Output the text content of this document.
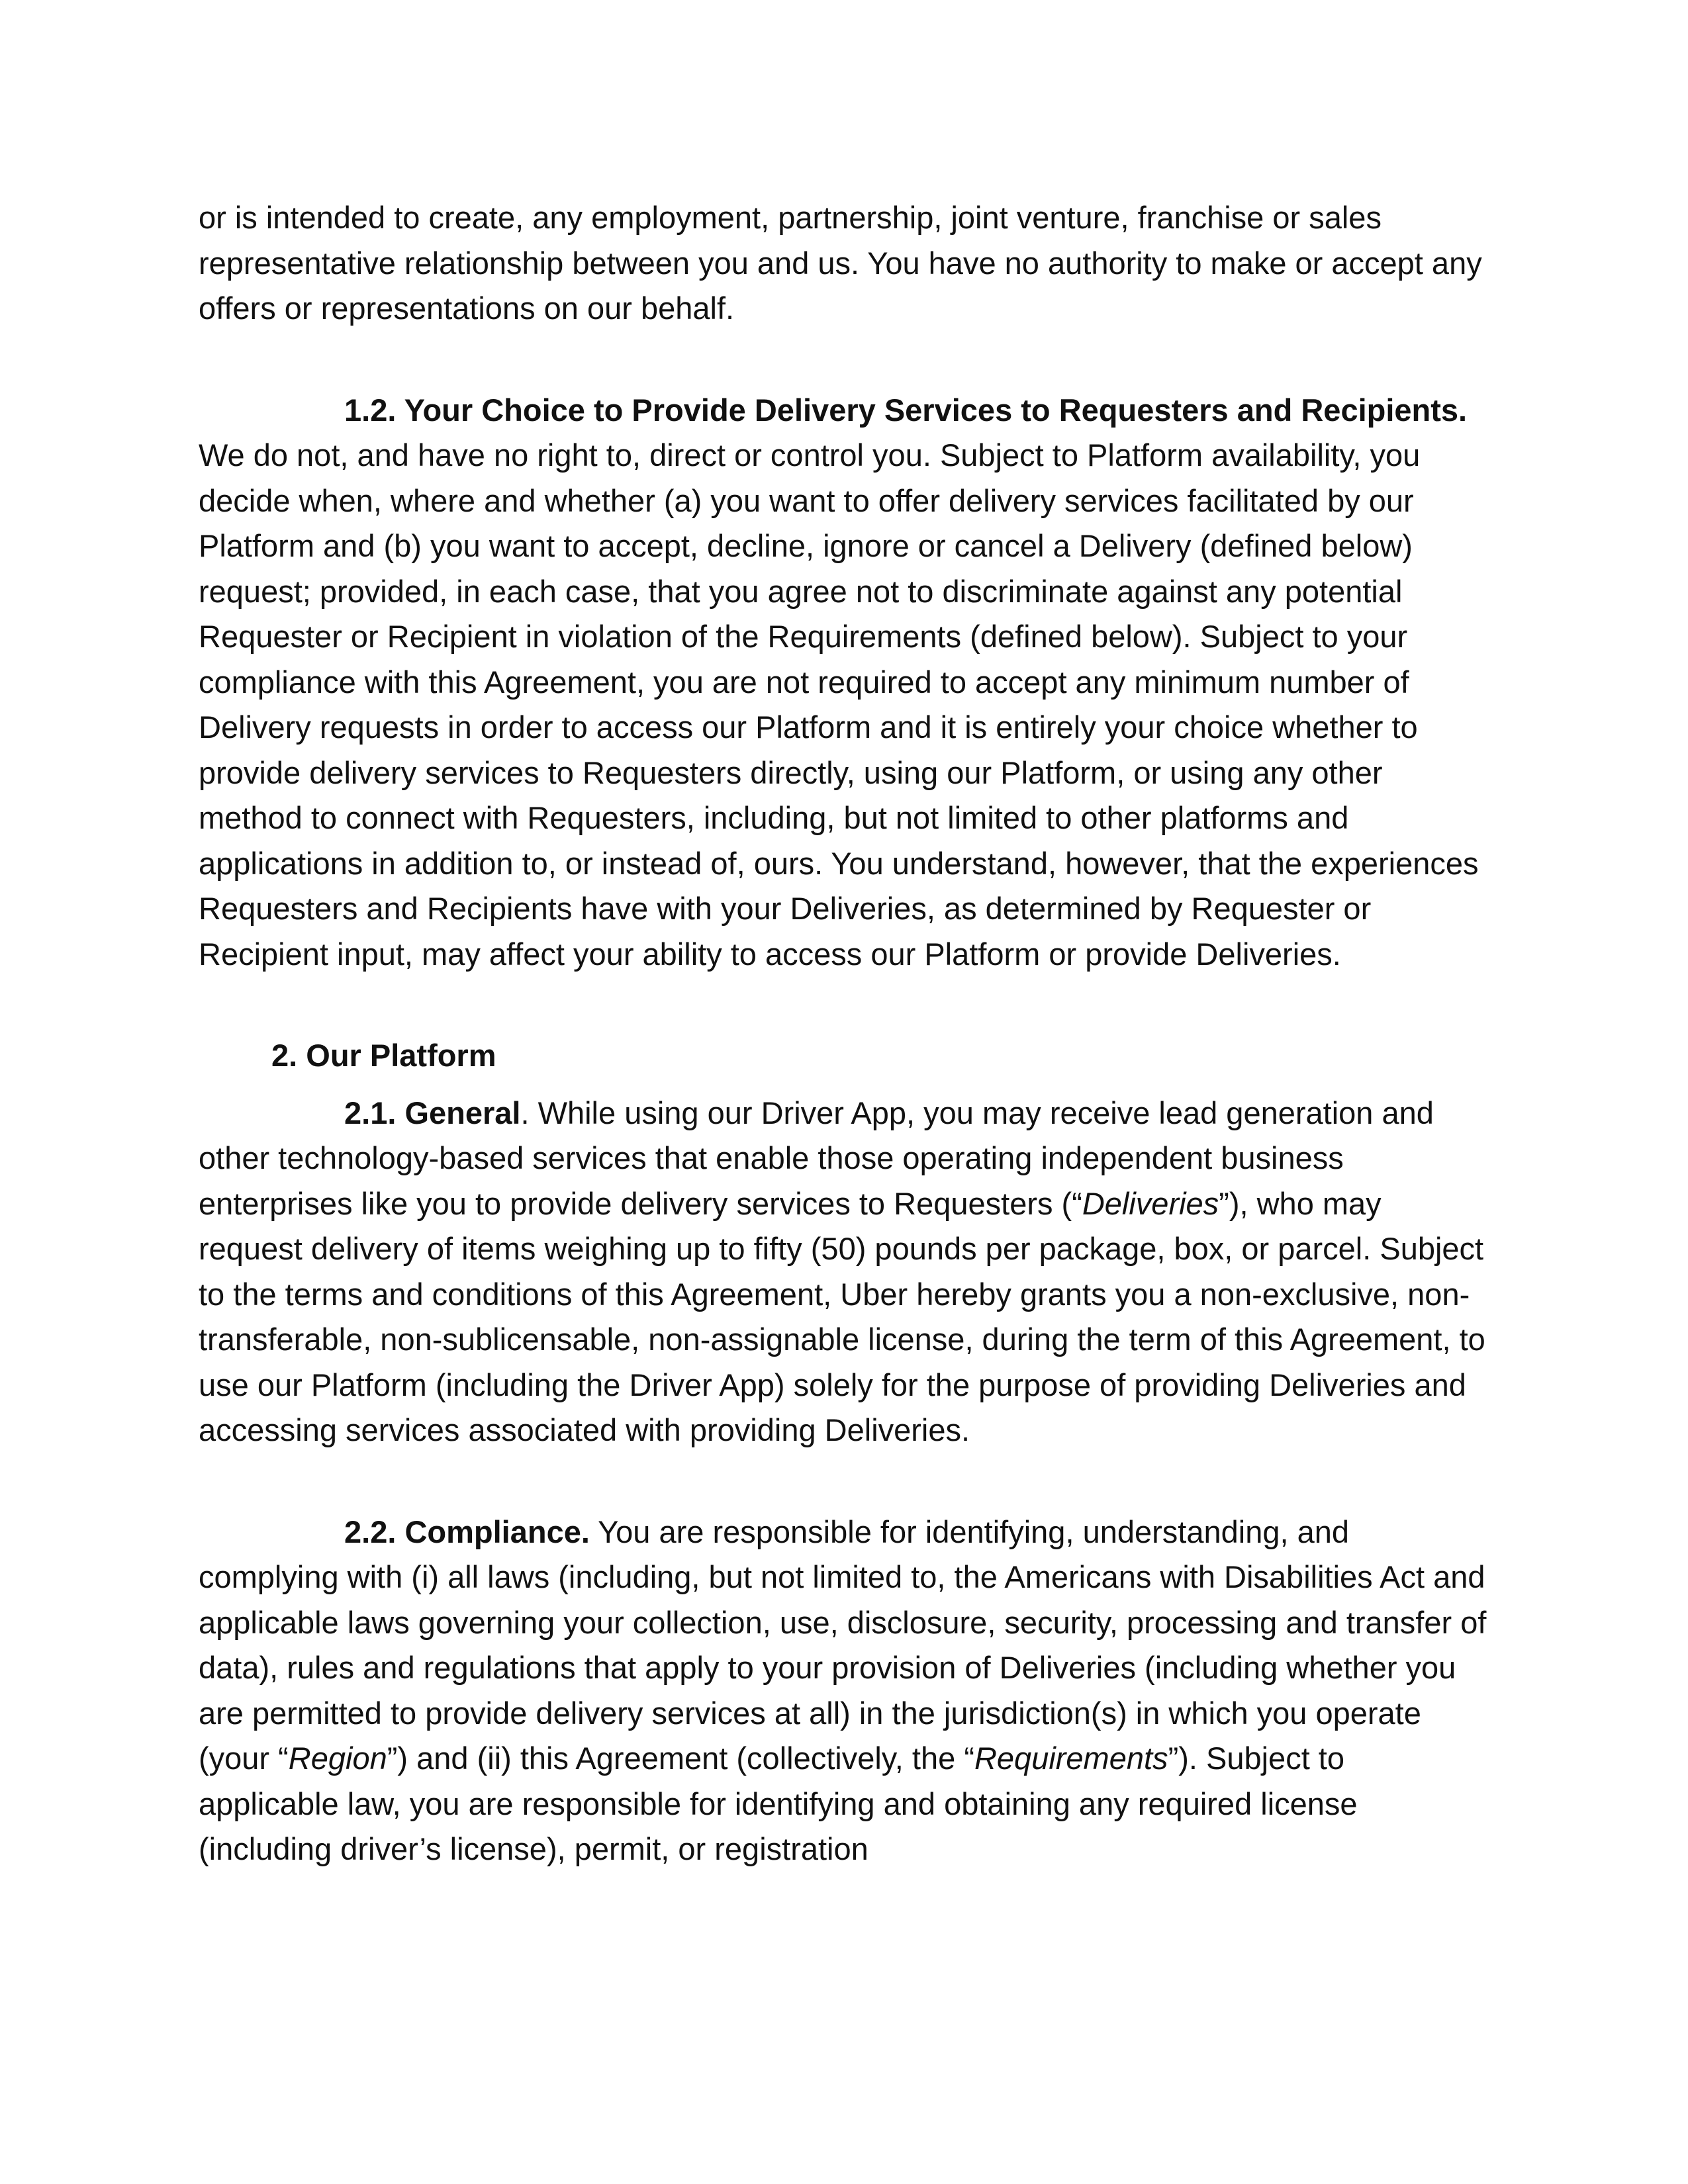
or is intended to create, any employment, partnership, joint venture, franchise or sales representative relationship between you and us. You have no authority to make or accept any offers or representations on our behalf.

1.2. Your Choice to Provide Delivery Services to Requesters and Recipients. We do not, and have no right to, direct or control you. Subject to Platform availability, you decide when, where and whether (a) you want to offer delivery services facilitated by our Platform and (b) you want to accept, decline, ignore or cancel a Delivery (defined below) request; provided, in each case, that you agree not to discriminate against any potential Requester or Recipient in violation of the Requirements (defined below). Subject to your compliance with this Agreement, you are not required to accept any minimum number of Delivery requests in order to access our Platform and it is entirely your choice whether to provide delivery services to Requesters directly, using our Platform, or using any other method to connect with Requesters, including, but not limited to other platforms and applications in addition to, or instead of, ours. You understand, however, that the experiences Requesters and Recipients have with your Deliveries, as determined by Requester or Recipient input, may affect your ability to access our Platform or provide Deliveries.

2. Our Platform

2.1. General. While using our Driver App, you may receive lead generation and other technology-based services that enable those operating independent business enterprises like you to provide delivery services to Requesters (“Deliveries”), who may request delivery of items weighing up to fifty (50) pounds per package, box, or parcel. Subject to the terms and conditions of this Agreement, Uber hereby grants you a non-exclusive, non-transferable, non-sublicensable, non-assignable license, during the term of this Agreement, to use our Platform (including the Driver App) solely for the purpose of providing Deliveries and accessing services associated with providing Deliveries.

2.2. Compliance. You are responsible for identifying, understanding, and complying with (i) all laws (including, but not limited to, the Americans with Disabilities Act and applicable laws governing your collection, use, disclosure, security, processing and transfer of data), rules and regulations that apply to your provision of Deliveries (including whether you are permitted to provide delivery services at all) in the jurisdiction(s) in which you operate (your “Region”) and (ii) this Agreement (collectively, the “Requirements”). Subject to applicable law, you are responsible for identifying and obtaining any required license (including driver’s license), permit, or registration
